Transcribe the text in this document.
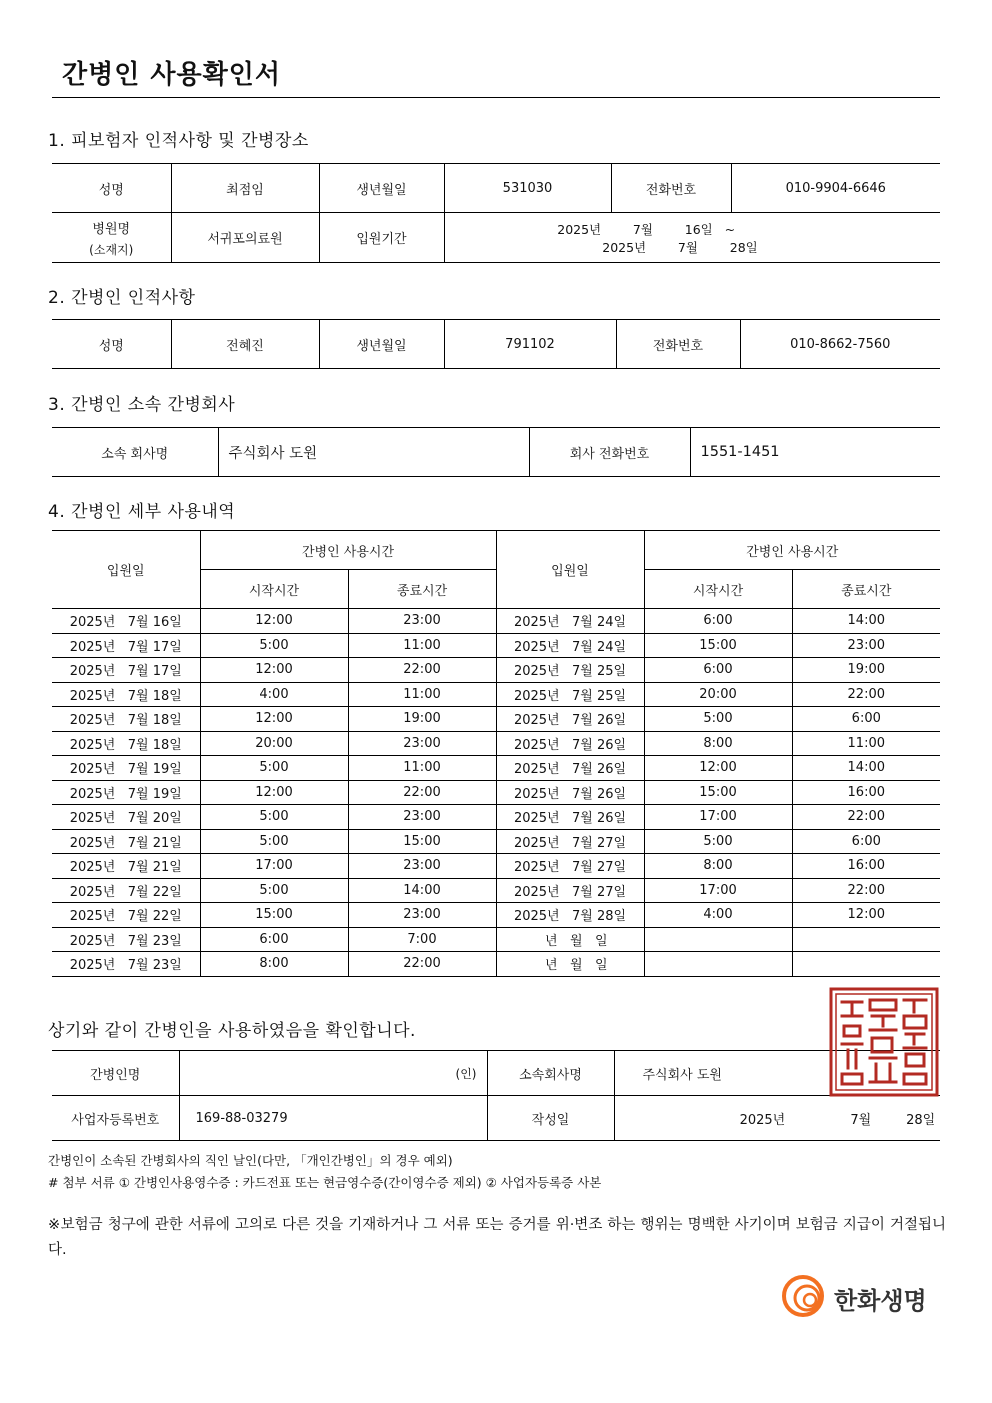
간병인 사용확인서
1. 피보험자 인적사항 및 간병장소
성명	최점임	생년월일	531030	전화번호	010-9904-6646

병원명
(소재지)	서귀포의료원	입원기간	2025년        7월        16일   ~2025년        7월        28일		
2. 간병인 인적사항
성명	전혜진	생년월일	791102	전화번호	010-8662-7560
3. 간병인 소속 간병회사
소속 회사명	주식회사 도원	회사 전화번호	1551-1451
4. 간병인 세부 사용내역
입원일	간병인 사용시간		입원일	간병인 사용시간	
	시작시간	종료시간		시작시간	종료시간
2025년   7월 16일	12:00	23:00	2025년   7월 24일	6:00	14:00
2025년   7월 17일	5:00	11:00	2025년   7월 24일	15:00	23:00
2025년   7월 17일	12:00	22:00	2025년   7월 25일	6:00	19:00
2025년   7월 18일	4:00	11:00	2025년   7월 25일	20:00	22:00
2025년   7월 18일	12:00	19:00	2025년   7월 26일	5:00	6:00
2025년   7월 18일	20:00	23:00	2025년   7월 26일	8:00	11:00
2025년   7월 19일	5:00	11:00	2025년   7월 26일	12:00	14:00
2025년   7월 19일	12:00	22:00	2025년   7월 26일	15:00	16:00
2025년   7월 20일	5:00	23:00	2025년   7월 26일	17:00	22:00
2025년   7월 21일	5:00	15:00	2025년   7월 27일	5:00	6:00
2025년   7월 21일	17:00	23:00	2025년   7월 27일	8:00	16:00
2025년   7월 22일	5:00	14:00	2025년   7월 27일	17:00	22:00
2025년   7월 22일	15:00	23:00	2025년   7월 28일	4:00	12:00
2025년   7월 23일	6:00	7:00	년   월   일		
2025년   7월 23일	8:00	22:00	년   월   일		
상기와 같이 간병인을 사용하였음을 확인합니다.
간병인명	(인)	소속회사명	주식회사 도원
사업자등록번호	169-88-03279	작성일	2025년 7월 28일
간병인이 소속된 간병회사의 직인 날인(다만, 「개인간병인」의 경우 예외)
# 첨부 서류 ① 간병인사용영수증 : 카드전표 또는 현금영수증(간이영수증 제외) ② 사업자등록증 사본
※보험금 청구에 관한 서류에 고의로 다른 것을 기재하거나 그 서류 또는 증거를 위·변조 하는 행위는 명백한 사기이며 보험금 지급이 거절됩니다.
한화생명
